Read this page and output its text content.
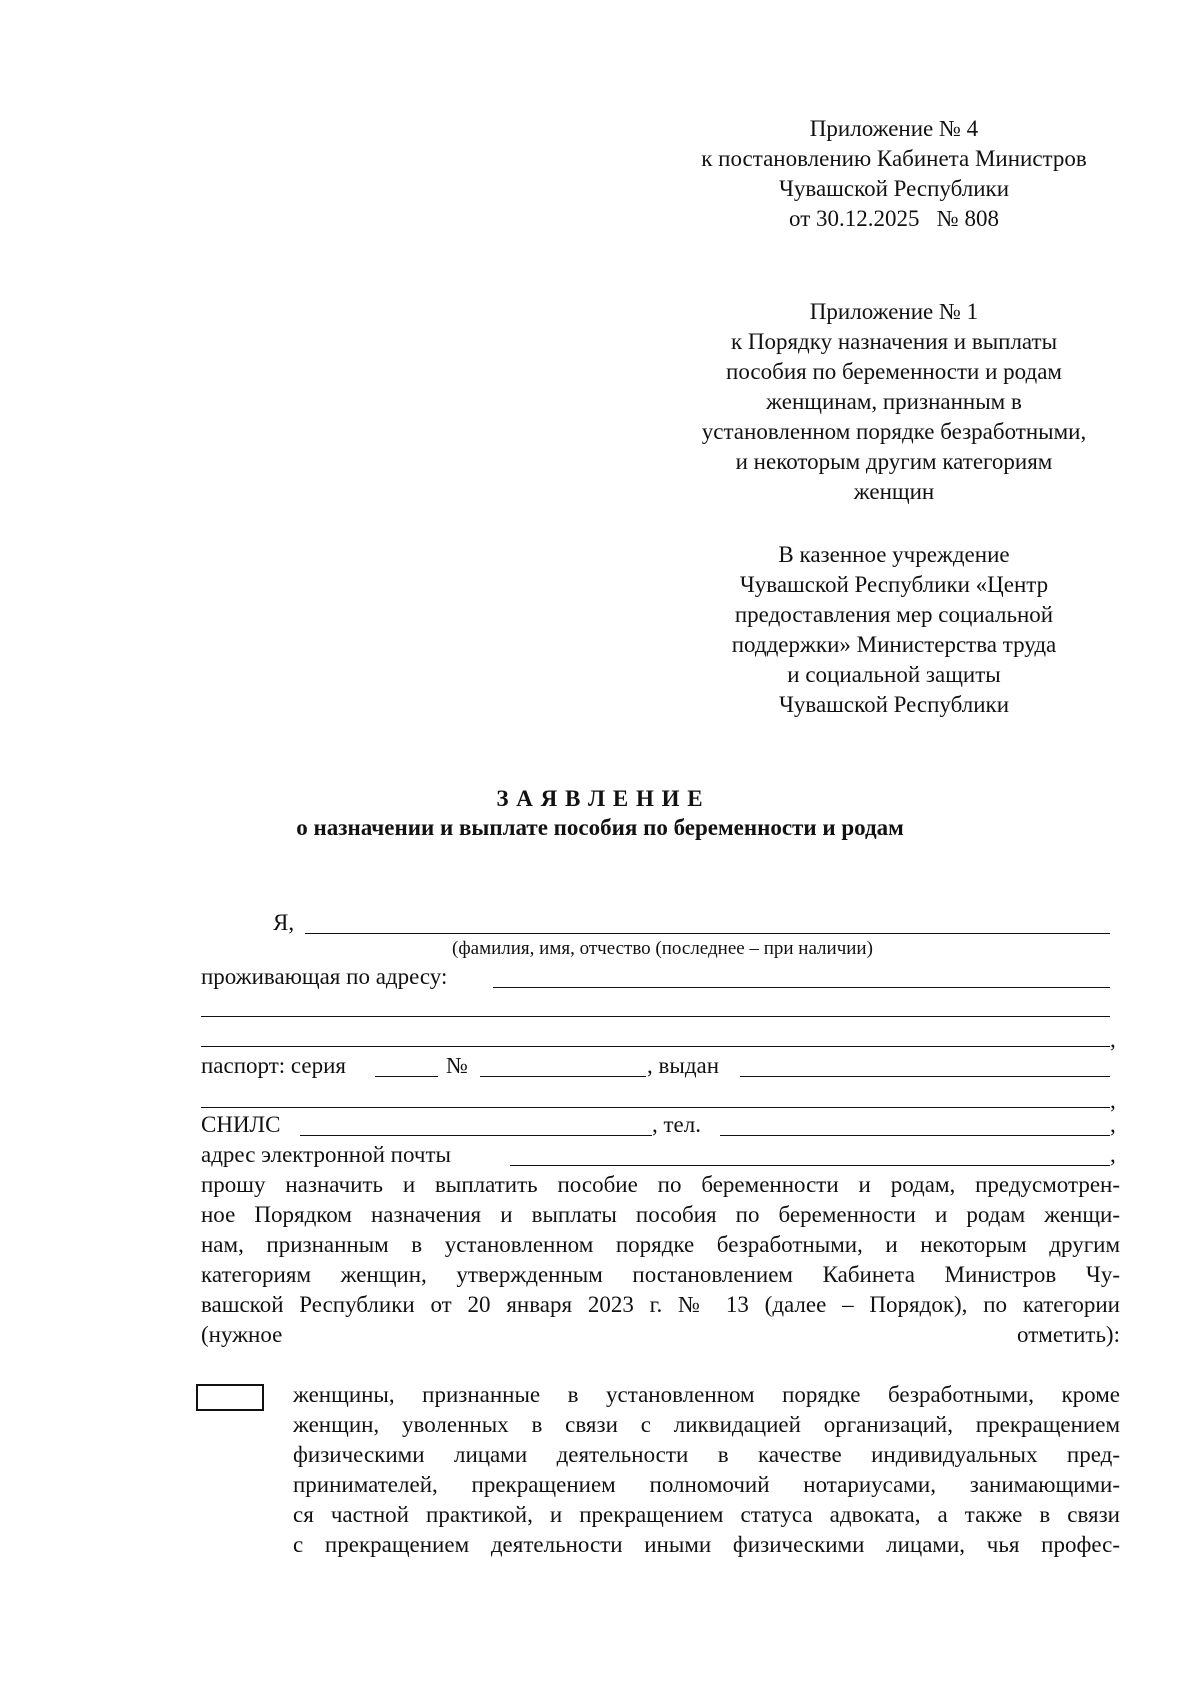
Приложение № 4
к постановлению Кабинета Министров
Чувашской Республики
от 30.12.2025   № 808
Приложение № 1
к Порядку назначения и выплаты
пособия по беременности и родам
женщинам, признанным в
установленном порядке безработными,
и некоторым другим категориям
женщин
В казенное учреждение
Чувашской Республики «Центр
предоставления мер социальной
поддержки» Министерства труда
и социальной защиты
Чувашской Республики
З А Я В Л Е Н И Е
о назначении и выплате пособия по беременности и родам
Я,
(фамилия, имя, отчество (последнее – при наличии)
проживающая по адресу:
,
паспорт: серия	№	, выдан
,
СНИЛС	, тел.	,
адрес электронной почты	,
прошу назначить и выплатить пособие по беременности и родам, предусмотрен-
ное Порядком назначения и выплаты пособия по беременности и родам женщи-
нам, признанным в установленном порядке безработными, и некоторым другим
категориям женщин, утвержденным постановлением Кабинета Министров Чу-
вашской Республики от 20 января 2023 г. № 13 (далее – Порядок), по категории
(нужное отметить):
женщины, признанные в установленном порядке безработными, кроме
женщин, уволенных в связи с ликвидацией организаций, прекращением
физическими лицами деятельности в качестве индивидуальных пред-
принимателей, прекращением полномочий нотариусами, занимающими-
ся частной практикой, и прекращением статуса адвоката, а также в связи
с прекращением деятельности иными физическими лицами, чья профес-
